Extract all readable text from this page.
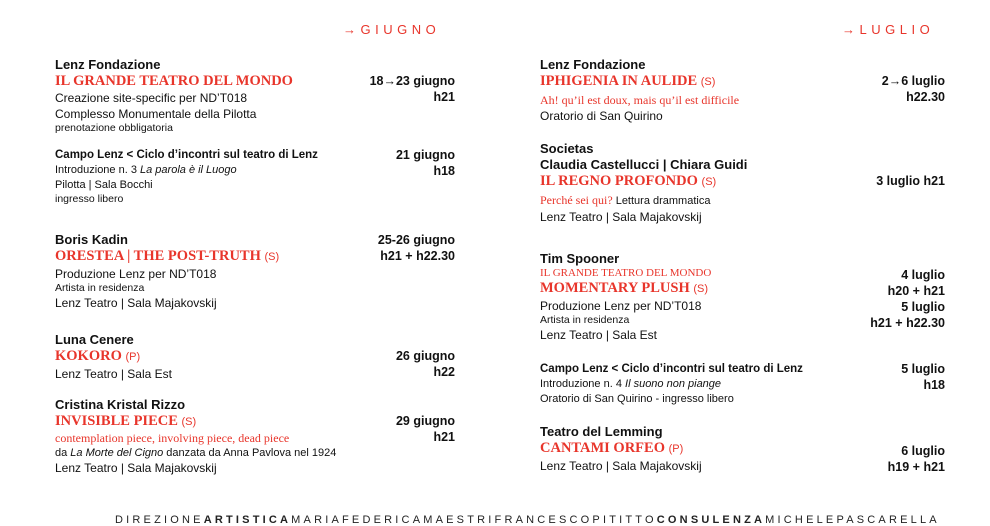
→GIUGNO	→LUGLIO
Lenz Fondazione
IL GRANDE TEATRO DEL MONDO
Creazione site-specific per ND’T018
Complesso Monumentale della Pilotta
prenotazione obbligatoria
18→23 giugno
h21
Campo Lenz < Ciclo d’incontri sul teatro di Lenz
Introduzione n. 3 La parola è il Luogo
Pilotta | Sala Bocchi
ingresso libero
21 giugno
h18
Boris Kadin
ORESTEA | THE POST-TRUTH (S)
Produzione Lenz per ND’T018
Artista in residenza
Lenz Teatro | Sala Majakovskij
25-26 giugno
h21 + h22.30
Luna Cenere
KOKORO (P)
Lenz Teatro | Sala Est
26 giugno
h22
Cristina Kristal Rizzo
INVISIBLE PIECE (S)
contemplation piece, involving piece, dead piece
da La Morte del Cigno danzata da Anna Pavlova nel 1924
Lenz Teatro | Sala Majakovskij
29 giugno
h21
Lenz Fondazione
IPHIGENIA IN AULIDE (S)
Ah! qu’il est doux, mais qu’il est difficile
Oratorio di San Quirino
2→6 luglio
h22.30
Societas
Claudia Castellucci | Chiara Guidi
IL REGNO PROFONDO (S)
Perché sei qui? Lettura drammatica
Lenz Teatro | Sala Majakovskij
3 luglio h21
Tim Spooner
IL GRANDE TEATRO DEL MONDO
MOMENTARY PLUSH (S)
Produzione Lenz per ND’T018
Artista in residenza
Lenz Teatro | Sala Est
4 luglio
h20 + h21
5 luglio
h21 + h22.30
Campo Lenz < Ciclo d’incontri sul teatro di Lenz
Introduzione n. 4 Il suono non piange
Oratorio di San Quirino - ingresso libero
5 luglio
h18
Teatro del Lemming
CANTAMI ORFEO (P)
Lenz Teatro | Sala Majakovskij
6 luglio
h19 + h21
DIREZIONEARTISTICAMARIAFEDERICAMAESTRIFRANCESCOPITITTOCONSULENZAMICHELEPASCARELLA
